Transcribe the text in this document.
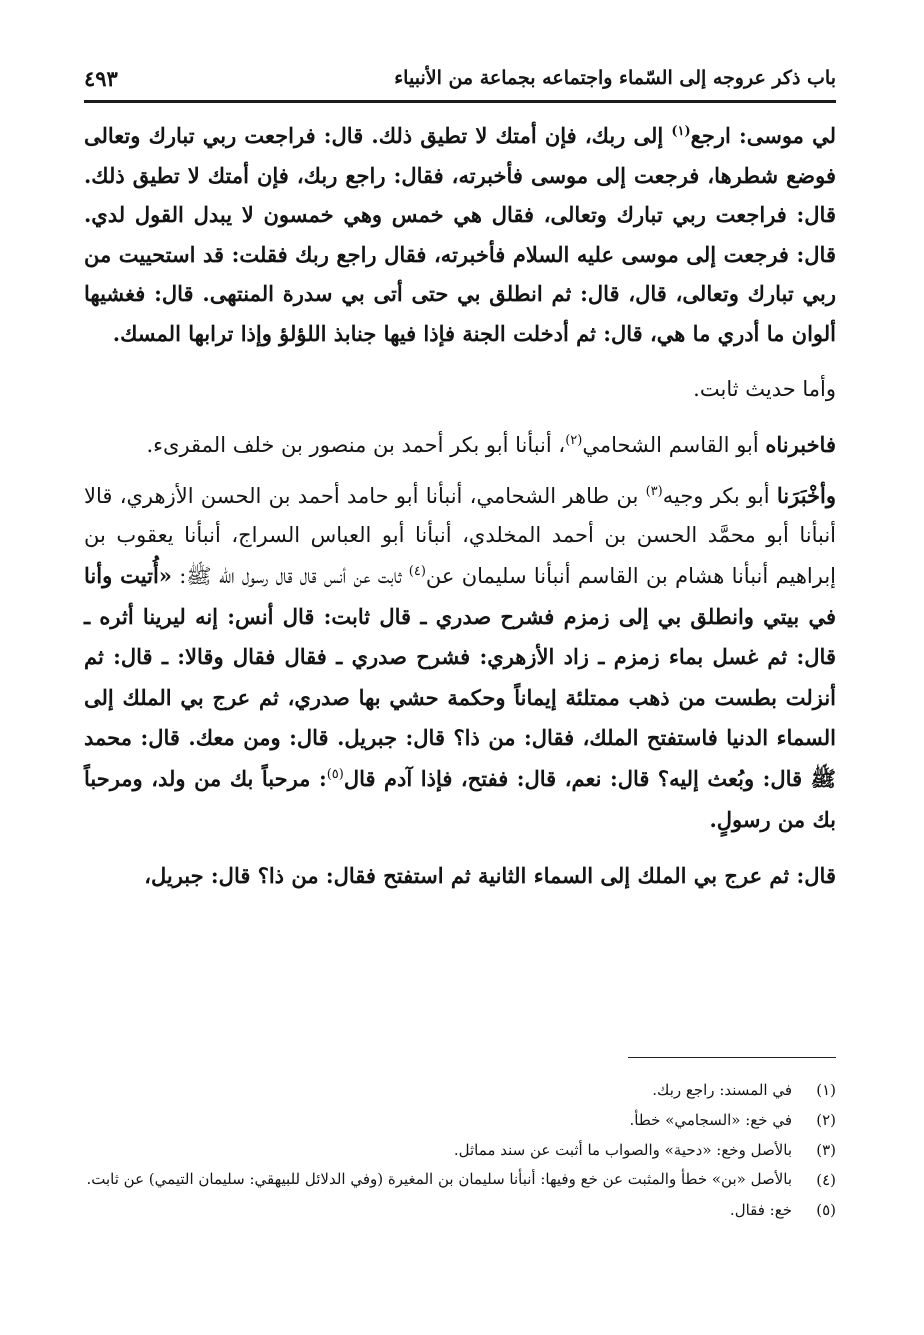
باب ذكر عروجه إلى السّماء واجتماعه بجماعة من الأنبياء
٤٩٣

لي موسى: ارجع$^{(١)}$ إلى ربك، فإن أمتك لا تطيق ذلك. قال: فراجعت ربي تبارك وتعالى فوضع شطرها، فرجعت إلى موسى فأخبرته، فقال: راجع ربك، فإن أمتك لا تطيق ذلك. قال: فراجعت ربي تبارك وتعالى، فقال هي خمس وهي خمسون لا يبدل القول لدي. قال: فرجعت إلى موسى عليه السلام فأخبرته، فقال راجع ربك فقلت: قد استحييت من ربي تبارك وتعالى، قال، قال: ثم انطلق بي حتى أتى بي سدرة المنتهى. قال: فغشيها ألوان ما أدري ما هي، قال: ثم أدخلت الجنة فإذا فيها جنابذ اللؤلؤ وإذا ترابها المسك.

وأما حديث ثابت.

فاخبرناه أبو القاسم الشحامي$^{(٢)}$، أنبأنا أبو بكر أحمد بن منصور بن خلف المقرىء.

وأخْبَرَنا أبو بكر وجيه$^{(٣)}$ بن طاهر الشحامي، أنبأنا أبو حامد أحمد بن الحسن الأزهري، قالا أنبأنا أبو محمَّد الحسن بن أحمد المخلدي، أنبأنا أبو العباس السراج، أنبأنا يعقوب بن إبراهيم أنبأنا هشام بن القاسم أنبأنا سليمان عن$^{(٤)}$ ثابت عن أنس قال قال رسول الله ﷺ: «أُتيت وأنا في بيتي وانطلق بي إلى زمزم فشرح صدري ـ قال ثابت: قال أنس: إنه ليرينا أثره ـ قال: ثم غسل بماء زمزم ـ زاد الأزهري: فشرح صدري ـ فقال فقال وقالا: ـ قال: ثم أنزلت بطست من ذهب ممتلئة إيماناً وحكمة حشي بها صدري، ثم عرج بي الملك إلى السماء الدنيا فاستفتح الملك، فقال: من ذا؟ قال: جبريل. قال: ومن معك. قال: محمد ﷺ قال: وبُعث إليه؟ قال: نعم، قال: ففتح، فإذا آدم قال$^{(٥)}$: مرحباً بك من ولد، ومرحباً بك من رسولٍ.

قال: ثم عرج بي الملك إلى السماء الثانية ثم استفتح فقال: من ذا؟ قال: جبريل،

(١)
في المسند: راجع ربك.
(٢)
في خع: «السجامي» خطأ.
(٣)
بالأصل وخع: «دحية» والصواب ما أثبت عن سند مماثل.
(٤)
بالأصل «بن» خطأ والمثبت عن خع وفيها: أنبأنا سليمان بن المغيرة (وفي الدلائل للبيهقي: سليمان التيمي) عن ثابت.
(٥)
خع: فقال.
